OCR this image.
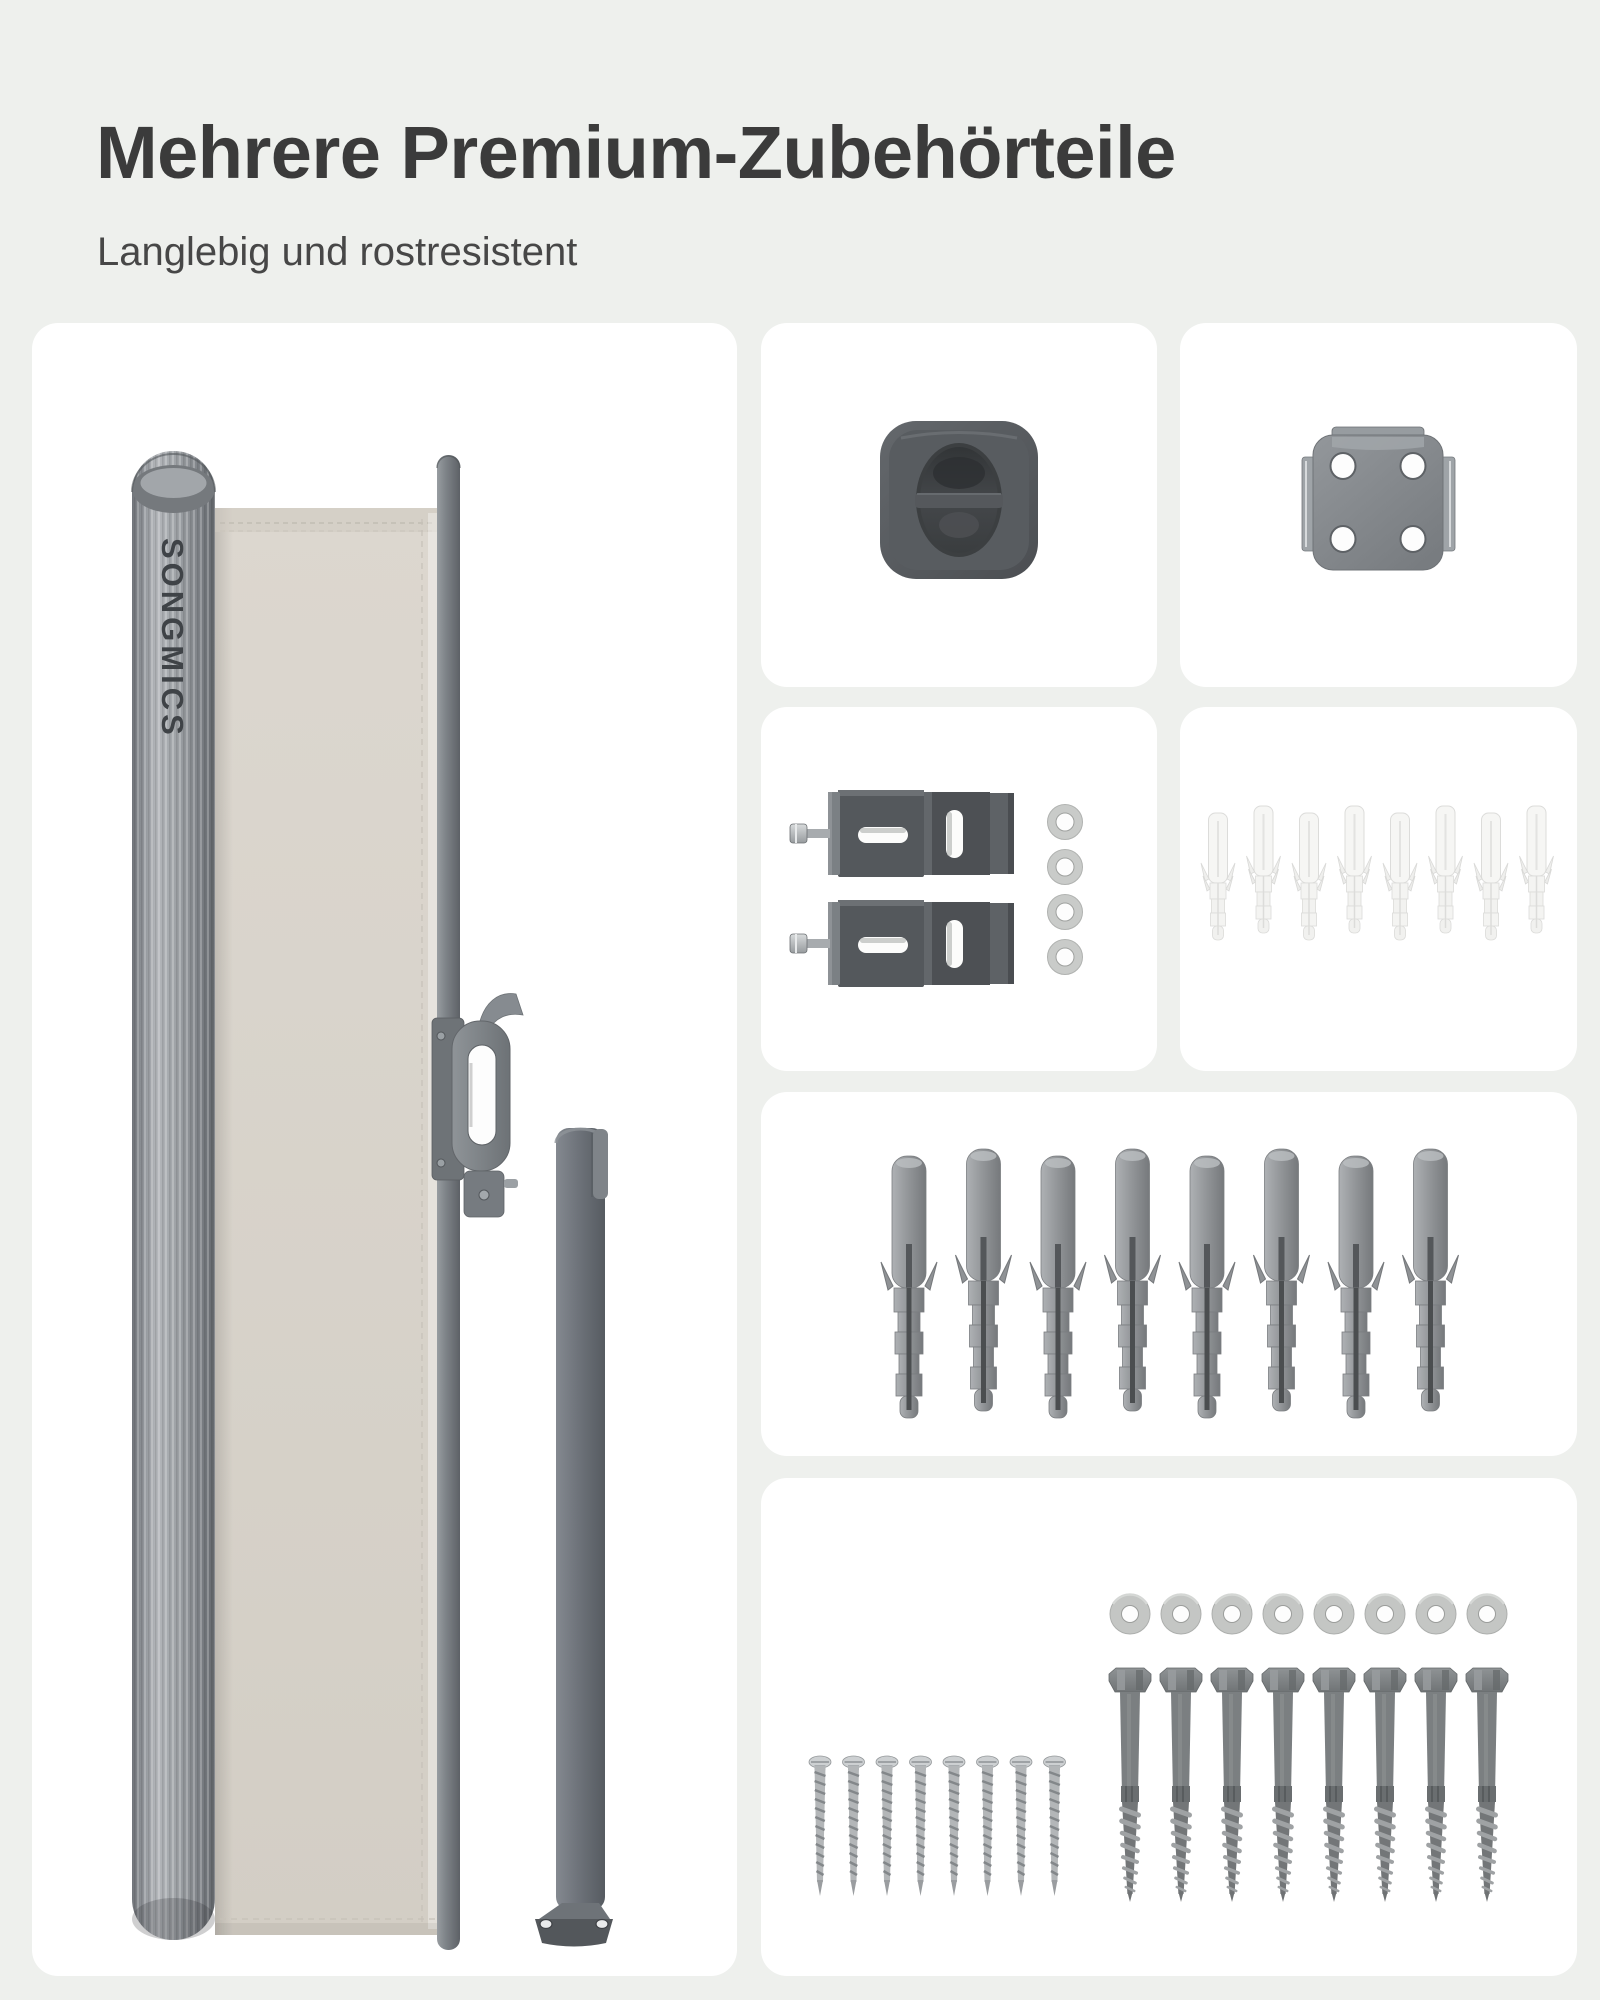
Mehrere Premium-Zubehörteile
Langlebig und rostresistent
SONGMICS
